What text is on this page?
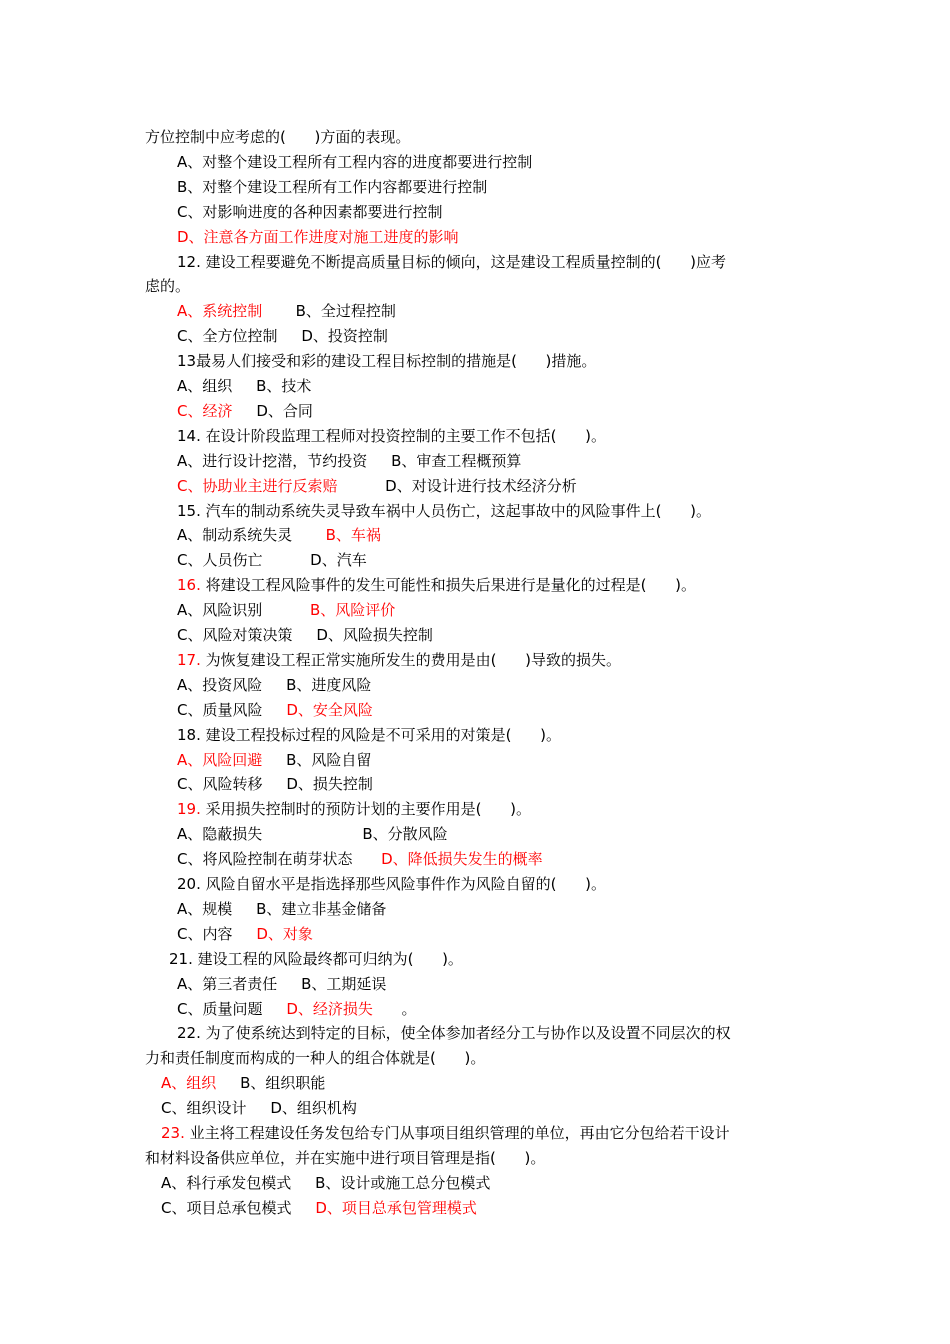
方位控制中应考虑的(      )方面的表现。
A、对整个建设工程所有工程内容的进度都要进行控制
B、对整个建设工程所有工作内容都要进行控制
C、对影响进度的各种因素都要进行控制
D、注意各方面工作进度对施工进度的影响
12. 建设工程要避免不断提高质量目标的倾向，这是建设工程质量控制的(      )应考
虑的。
A、系统控制       B、全过程控制
C、全方位控制     D、投资控制
13最易人们接受和彩的建设工程目标控制的措施是(      )措施。
A、组织     B、技术
C、经济     D、合同
14. 在设计阶段监理工程师对投资控制的主要工作不包括(      )。
A、进行设计挖潜，节约投资     B、审查工程概预算
C、协助业主进行反索赔          D、对设计进行技术经济分析
15. 汽车的制动系统失灵导致车祸中人员伤亡，这起事故中的风险事件上(      )。
A、制动系统失灵       B、车祸
C、人员伤亡          D、汽车
16. 将建设工程风险事件的发生可能性和损失后果进行是量化的过程是(      )。
A、风险识别          B、风险评价
C、风险对策决策     D、风险损失控制
17. 为恢复建设工程正常实施所发生的费用是由(      )导致的损失。
A、投资风险     B、进度风险
C、质量风险     D、安全风险
18. 建设工程投标过程的风险是不可采用的对策是(      )。
A、风险回避     B、风险自留
C、风险转移     D、损失控制
19. 采用损失控制时的预防计划的主要作用是(      )。
A、隐蔽损失                     B、分散风险
C、将风险控制在萌芽状态      D、降低损失发生的概率
20. 风险自留水平是指选择那些风险事件作为风险自留的(      )。
A、规模     B、建立非基金储备
C、内容     D、对象
21. 建设工程的风险最终都可归纳为(      )。
A、第三者责任     B、工期延误
C、质量问题     D、经济损失      。
22. 为了使系统达到特定的目标，使全体参加者经分工与协作以及设置不同层次的权
力和责任制度而构成的一种人的组合体就是(      )。
A、组织     B、组织职能
C、组织设计     D、组织机构
23. 业主将工程建设任务发包给专门从事项目组织管理的单位，再由它分包给若干设计
和材料设备供应单位，并在实施中进行项目管理是指(      )。
A、科行承发包模式     B、设计或施工总分包模式
C、项目总承包模式     D、项目总承包管理模式
